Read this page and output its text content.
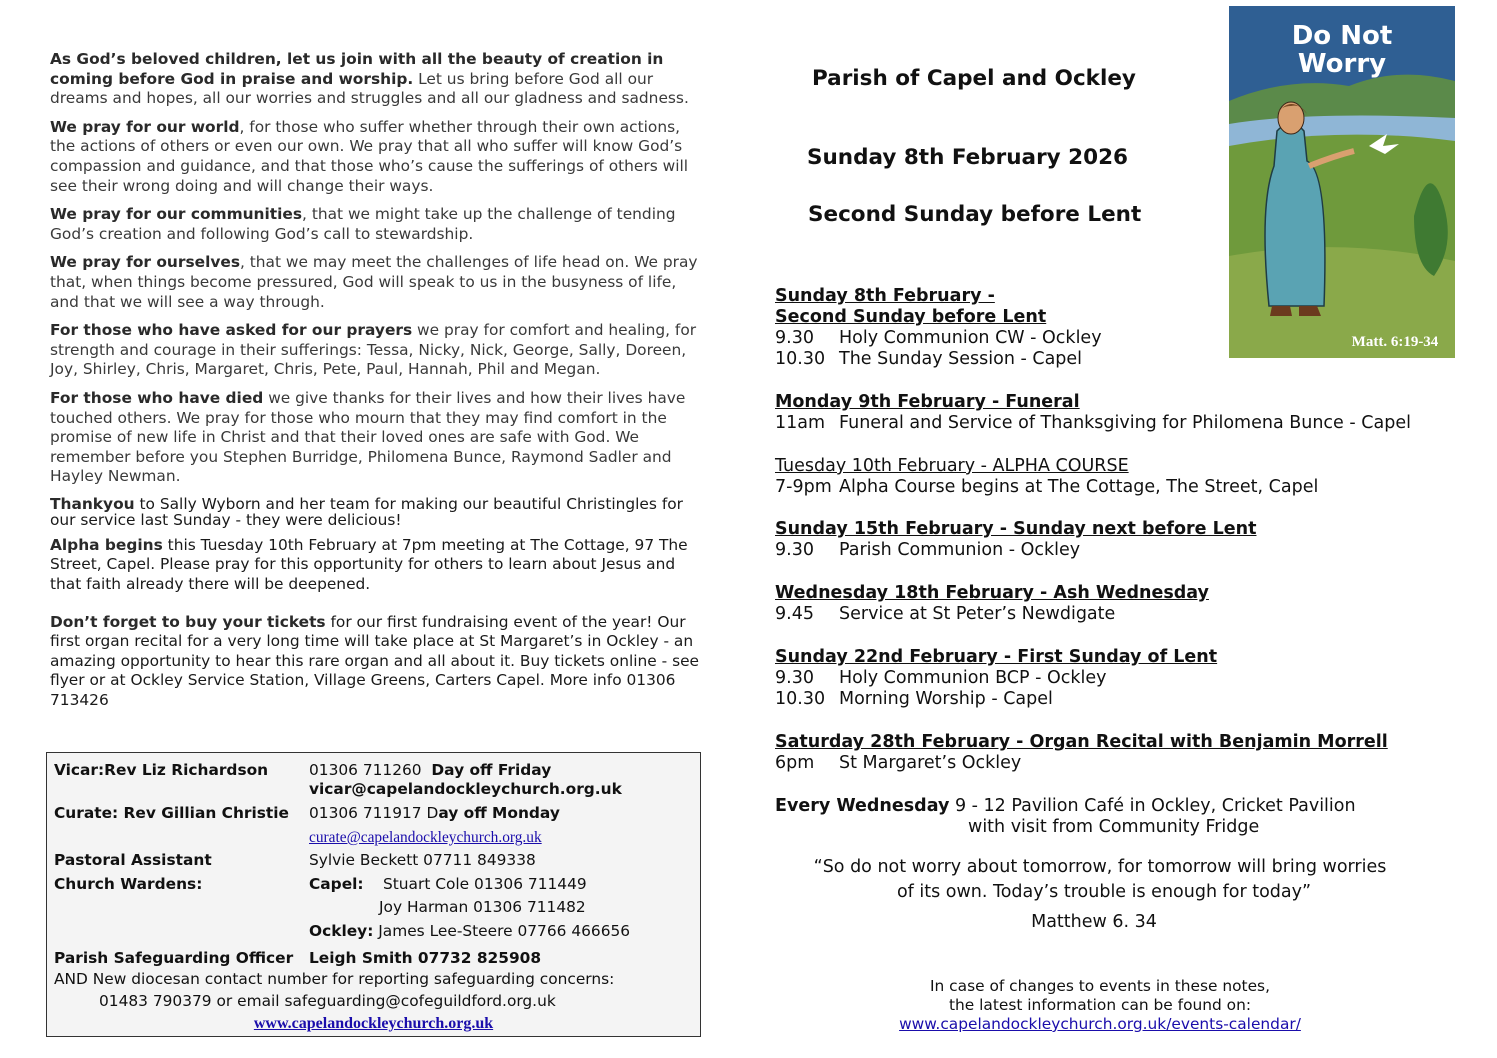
As God’s beloved children, let us join with all the beauty of creation in coming before God in praise and worship. Let us bring before God all our dreams and hopes, all our worries and struggles and all our gladness and sadness.

We pray for our world, for those who suffer whether through their own actions, the actions of others or even our own. We pray that all who suffer will know God’s compassion and guidance, and that those who’s cause the sufferings of others will see their wrong doing and will change their ways.

We pray for our communities, that we might take up the challenge of tending God’s creation and following God’s call to stewardship.

We pray for ourselves, that we may meet the challenges of life head on. We pray that, when things become pressured, God will speak to us in the busyness of life, and that we will see a way through.

For those who have asked for our prayers we pray for comfort and healing, for strength and courage in their sufferings: Tessa, Nicky, Nick, George, Sally, Doreen, Joy, Shirley, Chris, Margaret, Chris, Pete, Paul, Hannah, Phil and Megan.

For those who have died we give thanks for their lives and how their lives have touched others. We pray for those who mourn that they may find comfort in the promise of new life in Christ and that their loved ones are safe with God. We remember before you Stephen Burridge, Philomena Bunce, Raymond Sadler and Hayley Newman.

Thankyou to Sally Wyborn and her team for making our beautiful Christingles for our service last Sunday - they were delicious!

Alpha begins this Tuesday 10th February at 7pm meeting at The Cottage, 97 The Street, Capel. Please pray for this opportunity for others to learn about Jesus and that faith already there will be deepened.

Don’t forget to buy your tickets for our first fundraising event of the year! Our first organ recital for a very long time will take place at St Margaret’s in Ockley - an amazing opportunity to hear this rare organ and all about it. Buy tickets online - see flyer or at Ockley Service Station, Village Greens, Carters Capel. More info 01306 713426

Vicar:Rev Liz Richardson	01306 711260 Day off Friday
vicar@capelandockleychurch.org.uk
Curate: Rev Gillian Christie 01306 711917 Day off Monday
curate@capelandockleychurch.org.uk
Pastoral Assistant	Sylvie Beckett 07711 849338
Church Wardens:	Capel: Stuart Cole 01306 711449
Joy Harman 01306 711482
Ockley: James Lee-Steere 07766 466656
Parish Safeguarding Officer Leigh Smith 07732 825908
AND New diocesan contact number for reporting safeguarding concerns:
01483 790379 or email safeguarding@cofeguildford.org.uk
www.capelandockleychurch.org.uk
Parish of Capel and Ockley
Sunday 8th February 2026
Second Sunday before Lent
Do Not
Worry
Matt. 6:19-34
Sunday 8th February -
Second Sunday before Lent
9.30 Holy Communion CW - Ockley
10.30 The Sunday Session - Capel
Monday 9th February - Funeral
11am Funeral and Service of Thanksgiving for Philomena Bunce - Capel
Tuesday 10th February - ALPHA COURSE
7-9pm Alpha Course begins at The Cottage, The Street, Capel
Sunday 15th February - Sunday next before Lent
9.30 Parish Communion - Ockley
Wednesday 18th February - Ash Wednesday
9.45 Service at St Peter’s Newdigate
Sunday 22nd February - First Sunday of Lent
9.30 Holy Communion BCP - Ockley
10.30 Morning Worship - Capel
Saturday 28th February - Organ Recital with Benjamin Morrell
6pm St Margaret’s Ockley
Every Wednesday 9 - 12 Pavilion Café in Ockley, Cricket Pavilion
with visit from Community Fridge
“So do not worry about tomorrow, for tomorrow will bring worries
of its own. Today’s trouble is enough for today”
Matthew 6. 34
In case of changes to events in these notes,
the latest information can be found on:
www.capelandockleychurch.org.uk/events-calendar/
